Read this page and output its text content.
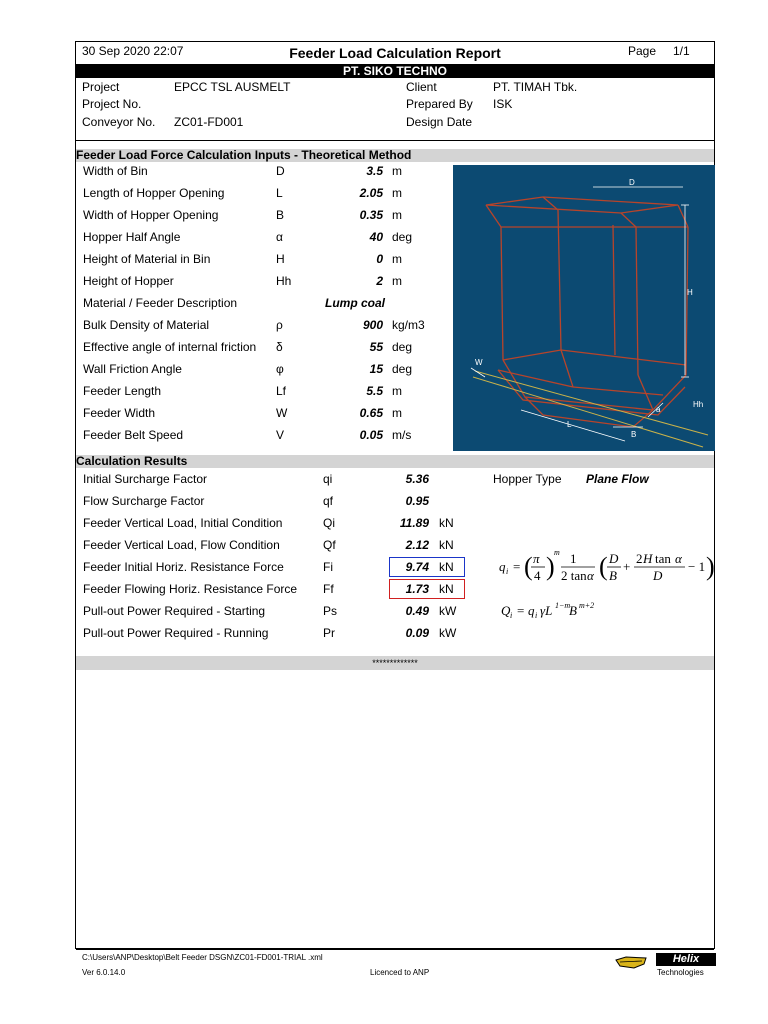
30 Sep 2020 22:07	Feeder Load Calculation Report	Page 1/1
PT. SIKO TECHNO
Project	EPCC TSL AUSMELT
Project No.
Conveyor No. ZC01-FD001
Client	PT. TIMAH Tbk.
Prepared By ISK
Design Date
Feeder Load Force Calculation Inputs - Theoretical Method
Width of Bin	D	3.5 m
Length of Hopper Opening	L	2.05 m
Width of Hopper Opening	B	0.35 m
Hopper Half Angle	α	40 deg
Height of Material in Bin	H	0 m
Height of Hopper	Hh	2 m
Material / Feeder Description	Lump coal
Bulk Density of Material	ρ	900 kg/m3
Effective angle of internal friction δ	55 deg
Wall Friction Angle	φ	15 deg
Feeder Length	Lf	5.5 m
Feeder Width	W	0.65 m
Feeder Belt Speed	V	0.05 m/s
D
H
Hh
W
L
B
a
Calculation Results
Initial Surcharge Factor	qi	5.36
Flow Surcharge Factor	qf	0.95
Feeder Vertical Load, Initial Condition	Qi	11.89 kN
Feeder Vertical Load, Flow Condition	Qf	2.12 kN
Feeder Initial Horiz. Resistance Force	Fi	9.74 kN
Feeder Flowing Horiz. Resistance Force Ff	1.73 kN
Pull-out Power Required - Starting	Ps	0.49 kW
Pull-out Power Required - Running	Pr	0.09 kW
Hopper Type Plane Flow
q i = ( π
4 ) m 1
2 tan α ( D
B
+
2 H tan α
D
− 1 )
Q i = q i γL 1−m
B m+2
*************
C:\Users\ANP\Desktop\Belt Feeder DSGN\ZC01-FD001-TRIAL .xml
Ver 6.0.14.0	Licenced to ANP
Helix
Technologies
